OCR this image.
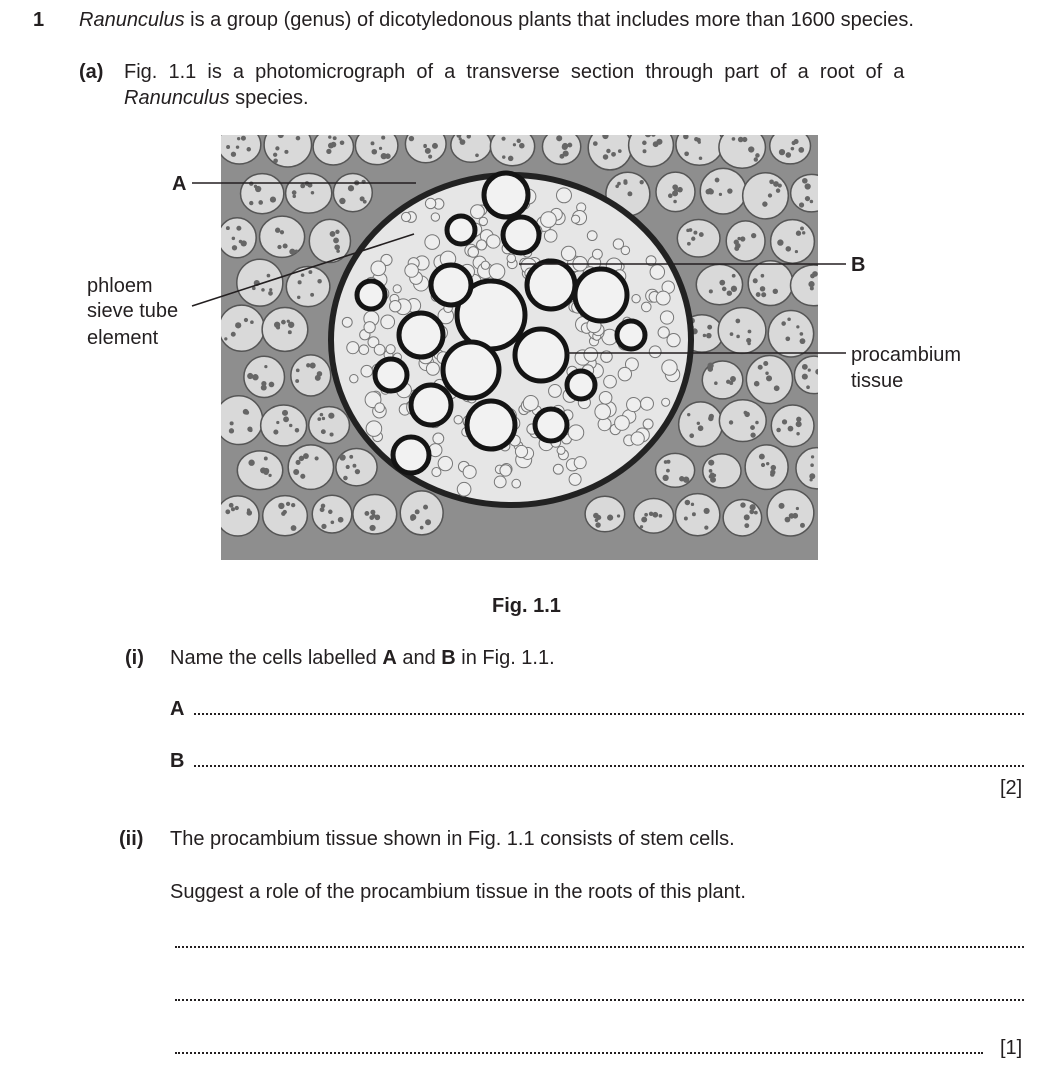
1 Ranunculus is a group (genus) of dicotyledonous plants that includes more than 1600 species.
(a) Fig.  1.1  is  a  photomicrograph  of  a  transverse  section  through  part  of  a  root  of  a
Ranunculus species.
A
B
phloem
sieve tube
element
procambium
tissue
Fig. 1.1
(i) Name the cells labelled A and B in Fig. 1.1.
A
B
[2]
(ii) The procambium tissue shown in Fig. 1.1 consists of stem cells.
Suggest a role of the procambium tissue in the roots of this plant.
[1]
